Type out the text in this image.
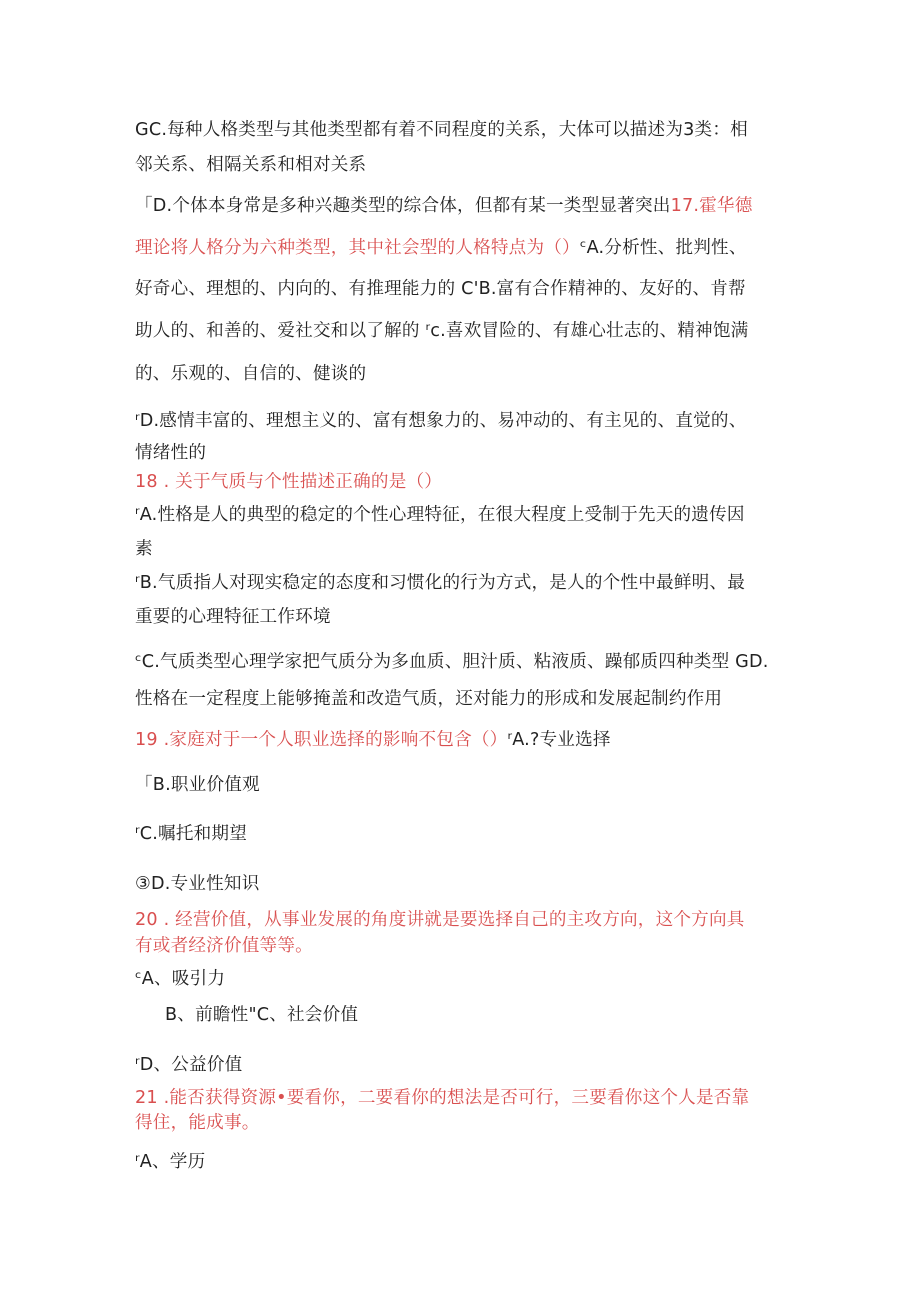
GC.每种人格类型与其他类型都有着不同程度的关系，大体可以描述为3类：相

邻关系、相隔关系和相对关系

「D.个体本身常是多种兴趣类型的综合体，但都有某一类型显著突出17.霍华德

理论将人格分为六种类型，其中社会型的人格特点为（）ᶜA.分析性、批判性、

好奇心、理想的、内向的、有推理能力的 C'B.富有合作精神的、友好的、肯帮

助人的、和善的、爱社交和以了解的 ʳc.喜欢冒险的、有雄心壮志的、精神饱满

的、乐观的、自信的、健谈的

ʳD.感情丰富的、理想主义的、富有想象力的、易冲动的、有主见的、直觉的、

情绪性的

18 . 关于气质与个性描述正确的是（）

ʳA.性格是人的典型的稳定的个性心理特征，在很大程度上受制于先天的遗传因

素

ʳB.气质指人对现实稳定的态度和习惯化的行为方式，是人的个性中最鲜明、最

重要的心理特征工作环境

ᶜC.气质类型心理学家把气质分为多血质、胆汁质、粘液质、躁郁质四种类型 GD.

性格在一定程度上能够掩盖和改造气质，还对能力的形成和发展起制约作用

19 .家庭对于一个人职业选择的影响不包含（）ʳA.?专业选择

「B.职业价值观

ʳC.嘱托和期望

③D.专业性知识

20 . 经营价值，从事业发展的角度讲就是要选择自己的主攻方向，这个方向具

有或者经济价值等等。

ᶜA、吸引力

B、前瞻性"C、社会价值

ʳD、公益价值

21 .能否获得资源•要看你，二要看你的想法是否可行，三要看你这个人是否靠

得住，能成事。

ʳA、学历
